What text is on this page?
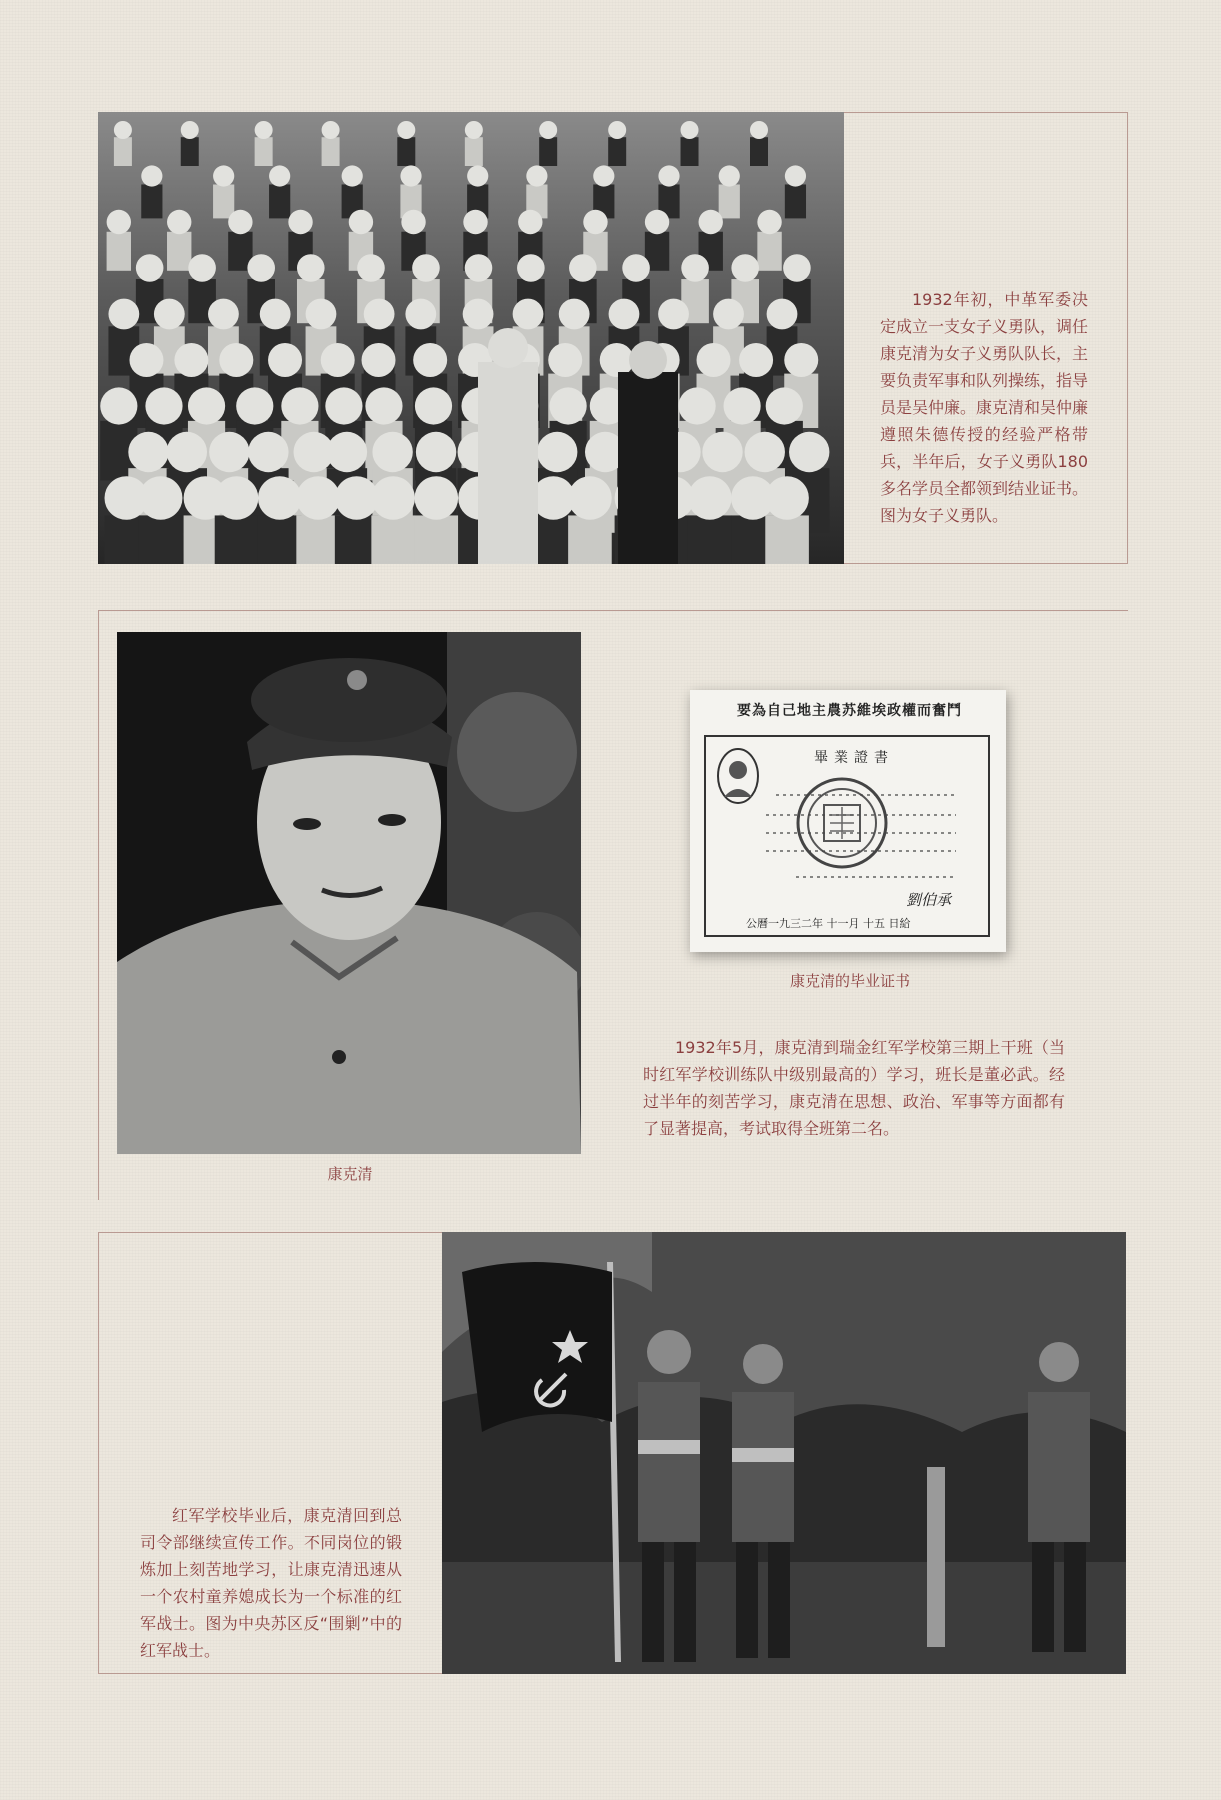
1932年初，中革军委决定成立一支女子义勇队，调任康克清为女子义勇队队长，主要负责军事和队列操练，指导员是吴仲廉。康克清和吴仲廉遵照朱德传授的经验严格带兵，半年后，女子义勇队180多名学员全都领到结业证书。图为女子义勇队。

康克清
要為自己地主農苏維埃政權而奮鬥
畢業證書
劉伯承
公曆一九三二年 十一月 十五 日給
康克清的毕业证书

1932年5月，康克清到瑞金红军学校第三期上干班（当时红军学校训练队中级别最高的）学习，班长是董必武。经过半年的刻苦学习，康克清在思想、政治、军事等方面都有了显著提高，考试取得全班第二名。

红军学校毕业后，康克清回到总司令部继续宣传工作。不同岗位的锻炼加上刻苦地学习，让康克清迅速从一个农村童养媳成长为一个标准的红军战士。图为中央苏区反“围剿”中的红军战士。
